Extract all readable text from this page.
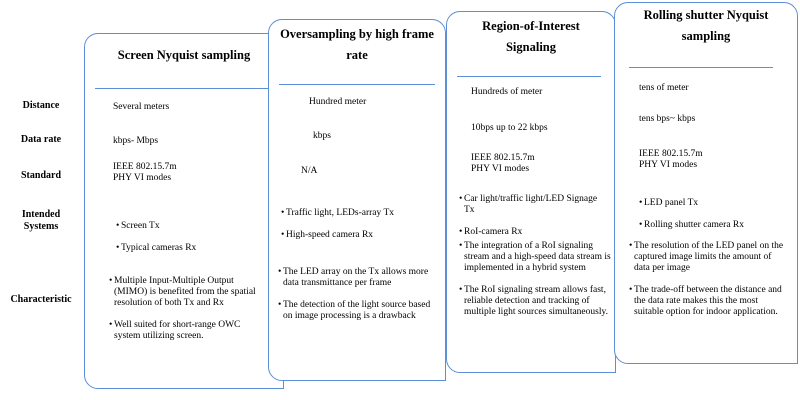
Distance
Data rate
Standard
Intended
Systems
Characteristic
Screen Nyquist sampling
Several meters
kbps- Mbps
IEEE 802.15.7m
PHY VI modes

• Screen Tx

• Typical cameras Rx

• Multiple Input-Multiple Output (MIMO) is benefited from the spatial resolution of both Tx and Rx

• Well suited for short-range OWC system utilizing screen.

Oversampling by high frame rate
Hundred meter
kbps
N/A

• Traffic light, LEDs-array Tx

• High-speed camera Rx

• The LED array on the Tx allows more data transmittance per frame

• The detection of the light source based on image processing is a drawback

Region-of-Interest Signaling
Hundreds of meter
10bps up to 22 kbps
IEEE 802.15.7m
PHY VI modes

• Car light/traffic light/LED Signage Tx

• RoI-camera Rx

• The integration of a RoI signaling stream and a high-speed data stream is implemented in a hybrid system

• The RoI signaling stream allows fast, reliable detection and tracking of multiple light sources simultaneously.

Rolling shutter Nyquist sampling
tens of meter
tens bps~ kbps
IEEE 802.15.7m
PHY VI modes

• LED panel Tx

• Rolling shutter camera Rx

• The resolution of the LED panel on the captured image limits the amount of data per image

• The trade-off between the distance and the data rate makes this the most suitable option for indoor application.
